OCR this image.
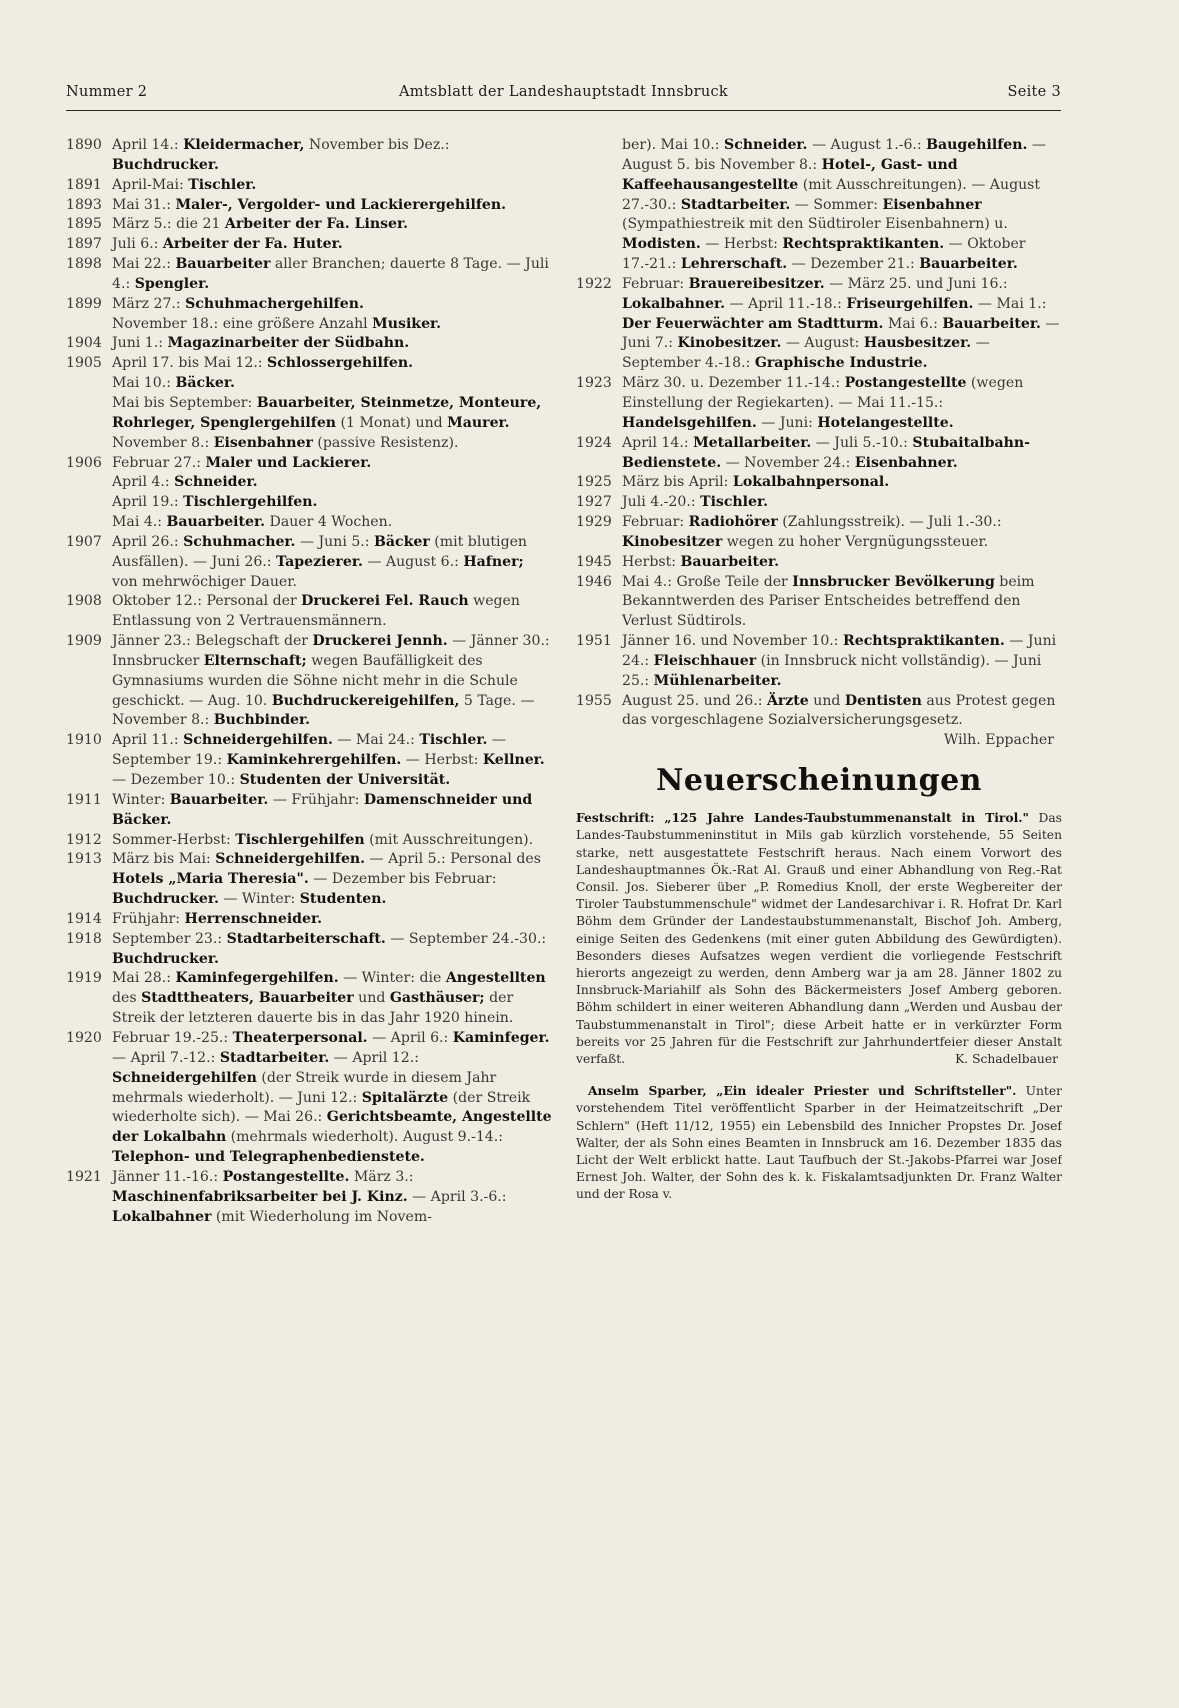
Nummer 2	Amtsblatt der Landeshauptstadt Innsbruck	Seite 3
1890 April 14.: Kleidermacher, November bis Dez.: Buchdrucker.
1891 April-Mai: Tischler.
1893 Mai 31.: Maler-, Vergolder- und Lackierergehilfen.
1895 März 5.: die 21 Arbeiter der Fa. Linser.
1897 Juli 6.: Arbeiter der Fa. Huter.
1898 Mai 22.: Bauarbeiter aller Branchen; dauerte 8 Tage. — Juli 4.: Spengler.
1899 März 27.: Schuhmachergehilfen.
November 18.: eine größere Anzahl Musiker.
1904 Juni 1.: Magazinarbeiter der Südbahn.
1905 April 17. bis Mai 12.: Schlossergehilfen.
Mai 10.: Bäcker.
Mai bis September: Bauarbeiter, Steinmetze, Monteure, Rohrleger, Spenglergehilfen (1 Monat) und Maurer.
November 8.: Eisenbahner (passive Resistenz).
1906 Februar 27.: Maler und Lackierer.
April 4.: Schneider.
April 19.: Tischlergehilfen.
Mai 4.: Bauarbeiter. Dauer 4 Wochen.
1907 April 26.: Schuhmacher. — Juni 5.: Bäcker (mit blutigen Ausfällen). — Juni 26.: Tapezierer. — August 6.: Hafner; von mehrwöchiger Dauer.
1908 Oktober 12.: Personal der Druckerei Fel. Rauch wegen Entlassung von 2 Vertrauensmännern.
1909 Jänner 23.: Belegschaft der Druckerei Jennh. — Jänner 30.: Innsbrucker Elternschaft; wegen Baufälligkeit des Gymnasiums wurden die Söhne nicht mehr in die Schule geschickt. — Aug. 10. Buchdruckereigehilfen, 5 Tage. — November 8.: Buchbinder.
1910 April 11.: Schneidergehilfen. — Mai 24.: Tischler. — September 19.: Kaminkehrergehilfen. — Herbst: Kellner. — Dezember 10.: Studenten der Universität.
1911 Winter: Bauarbeiter. — Frühjahr: Damenschneider und Bäcker.
1912 Sommer-Herbst: Tischlergehilfen (mit Ausschreitungen).
1913 März bis Mai: Schneidergehilfen. — April 5.: Personal des Hotels „Maria Theresia". — Dezember bis Februar: Buchdrucker. — Winter: Studenten.
1914 Frühjahr: Herrenschneider.
1918 September 23.: Stadtarbeiterschaft. — September 24.-30.: Buchdrucker.
1919 Mai 28.: Kaminfegergehilfen. — Winter: die Angestellten des Stadttheaters, Bauarbeiter und Gasthäuser; der Streik der letzteren dauerte bis in das Jahr 1920 hinein.
1920 Februar 19.-25.: Theaterpersonal. — April 6.: Kaminfeger. — April 7.-12.: Stadtarbeiter. — April 12.: Schneidergehilfen (der Streik wurde in diesem Jahr mehrmals wiederholt). — Juni 12.: Spitalärzte (der Streik wiederholte sich). — Mai 26.: Gerichtsbeamte, Angestellte der Lokalbahn (mehrmals wiederholt). August 9.-14.: Telephon- und Telegraphenbedienstete.
1921 Jänner 11.-16.: Postangestellte. März 3.: Maschinenfabriksarbeiter bei J. Kinz. — April 3.-6.: Lokalbahner (mit Wiederholung im Novem-
ber). Mai 10.: Schneider. — August 1.-6.: Baugehilfen. — August 5. bis November 8.: Hotel-, Gast- und Kaffeehausangestellte (mit Ausschreitungen). — August 27.-30.: Stadtarbeiter. — Sommer: Eisenbahner (Sympathiestreik mit den Südtiroler Eisenbahnern) u. Modisten. — Herbst: Rechtspraktikanten. — Oktober 17.-21.: Lehrerschaft. — Dezember 21.: Bauarbeiter.
1922 Februar: Brauereibesitzer. — März 25. und Juni 16.: Lokalbahner. — April 11.-18.: Friseurgehilfen. — Mai 1.: Der Feuerwächter am Stadtturm. Mai 6.: Bauarbeiter. — Juni 7.: Kinobesitzer. — August: Hausbesitzer. — September 4.-18.: Graphische Industrie.
1923 März 30. u. Dezember 11.-14.: Postangestellte (wegen Einstellung der Regiekarten). — Mai 11.-15.: Handelsgehilfen. — Juni: Hotelangestellte.
1924 April 14.: Metallarbeiter. — Juli 5.-10.: Stubaitalbahn-Bedienstete. — November 24.: Eisenbahner.
1925 März bis April: Lokalbahnpersonal.
1927 Juli 4.-20.: Tischler.
1929 Februar: Radiohörer (Zahlungsstreik). — Juli 1.-30.: Kinobesitzer wegen zu hoher Vergnügungssteuer.
1945 Herbst: Bauarbeiter.
1946 Mai 4.: Große Teile der Innsbrucker Bevölkerung beim Bekanntwerden des Pariser Entscheides betreffend den Verlust Südtirols.
1951 Jänner 16. und November 10.: Rechtspraktikanten. — Juni 24.: Fleischhauer (in Innsbruck nicht vollständig). — Juni 25.: Mühlenarbeiter.
1955 August 25. und 26.: Ärzte und Dentisten aus Protest gegen das vorgeschlagene Sozialversicherungsgesetz.
Wilh. Eppacher
Neuerscheinungen
Festschrift: „125 Jahre Landes-Taubstummenanstalt in Tirol." Das Landes-Taubstummeninstitut in Mils gab kürzlich vorstehende, 55 Seiten starke, nett ausgestattete Festschrift heraus. Nach einem Vorwort des Landeshauptmannes Ök.-Rat Al. Grauß und einer Abhandlung von Reg.-Rat Consil. Jos. Sieberer über „P. Romedius Knoll, der erste Wegbereiter der Tiroler Taubstummenschule" widmet der Landesarchivar i. R. Hofrat Dr. Karl Böhm dem Gründer der Landestaubstummenanstalt, Bischof Joh. Amberg, einige Seiten des Gedenkens (mit einer guten Abbildung des Gewürdigten). Besonders dieses Aufsatzes wegen verdient die vorliegende Festschrift hierorts angezeigt zu werden, denn Amberg war ja am 28. Jänner 1802 zu Innsbruck-Mariahilf als Sohn des Bäckermeisters Josef Amberg geboren. Böhm schildert in einer weiteren Abhandlung dann „Werden und Ausbau der Taubstummenanstalt in Tirol"; diese Arbeit hatte er in verkürzter Form bereits vor 25 Jahren für die Festschrift zur Jahrhundertfeier dieser Anstalt verfaßt.	K. Schadelbauer
Anselm Sparber, „Ein idealer Priester und Schriftsteller". Unter vorstehendem Titel veröffentlicht Sparber in der Heimatzeitschrift „Der Schlern" (Heft 11/12, 1955) ein Lebensbild des Innicher Propstes Dr. Josef Walter, der als Sohn eines Beamten in Innsbruck am 16. Dezember 1835 das Licht der Welt erblickt hatte. Laut Taufbuch der St.-Jakobs-Pfarrei war Josef Ernest Joh. Walter, der Sohn des k. k. Fiskalamtsadjunkten Dr. Franz Walter und der Rosa v.
